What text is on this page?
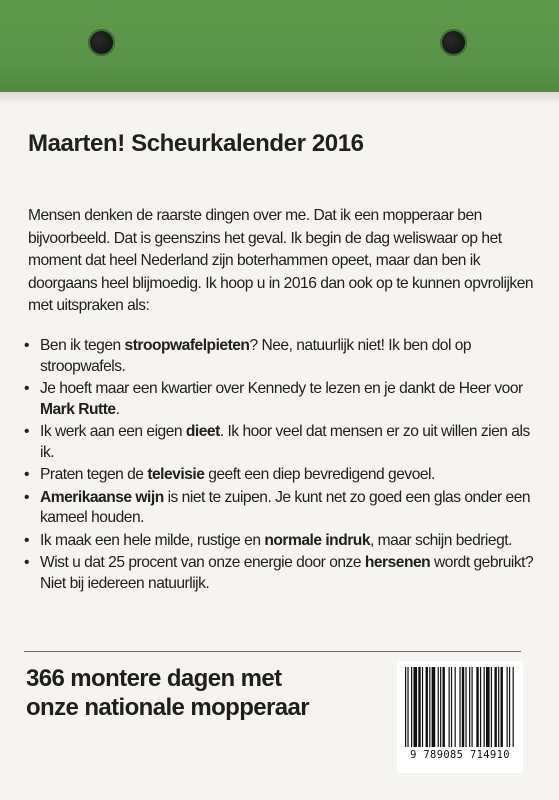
Maarten! Scheurkalender 2016

Mensen denken de raarste dingen over me. Dat ik een mopperaar ben bijvoorbeeld. Dat is geenszins het geval. Ik begin de dag weliswaar op het moment dat heel Nederland zijn boterhammen opeet, maar dan ben ik doorgaans heel blijmoedig. Ik hoop u in 2016 dan ook op te kunnen opvrolijken met uitspraken als:

• Ben ik tegen stroopwafelpieten? Nee, natuurlijk niet! Ik ben dol op stroopwafels.
• Je hoeft maar een kwartier over Kennedy te lezen en je dankt de Heer voor Mark Rutte.
• Ik werk aan een eigen dieet. Ik hoor veel dat mensen er zo uit willen zien als ik.
• Praten tegen de televisie geeft een diep bevredigend gevoel.
• Amerikaanse wijn is niet te zuipen. Je kunt net zo goed een glas onder een kameel houden.
• Ik maak een hele milde, rustige en normale indruk, maar schijn bedriegt.
• Wist u dat 25 procent van onze energie door onze hersenen wordt gebruikt? Niet bij iedereen natuurlijk.

366 montere dagen met
onze nationale mopperaar

9 789085 714910
